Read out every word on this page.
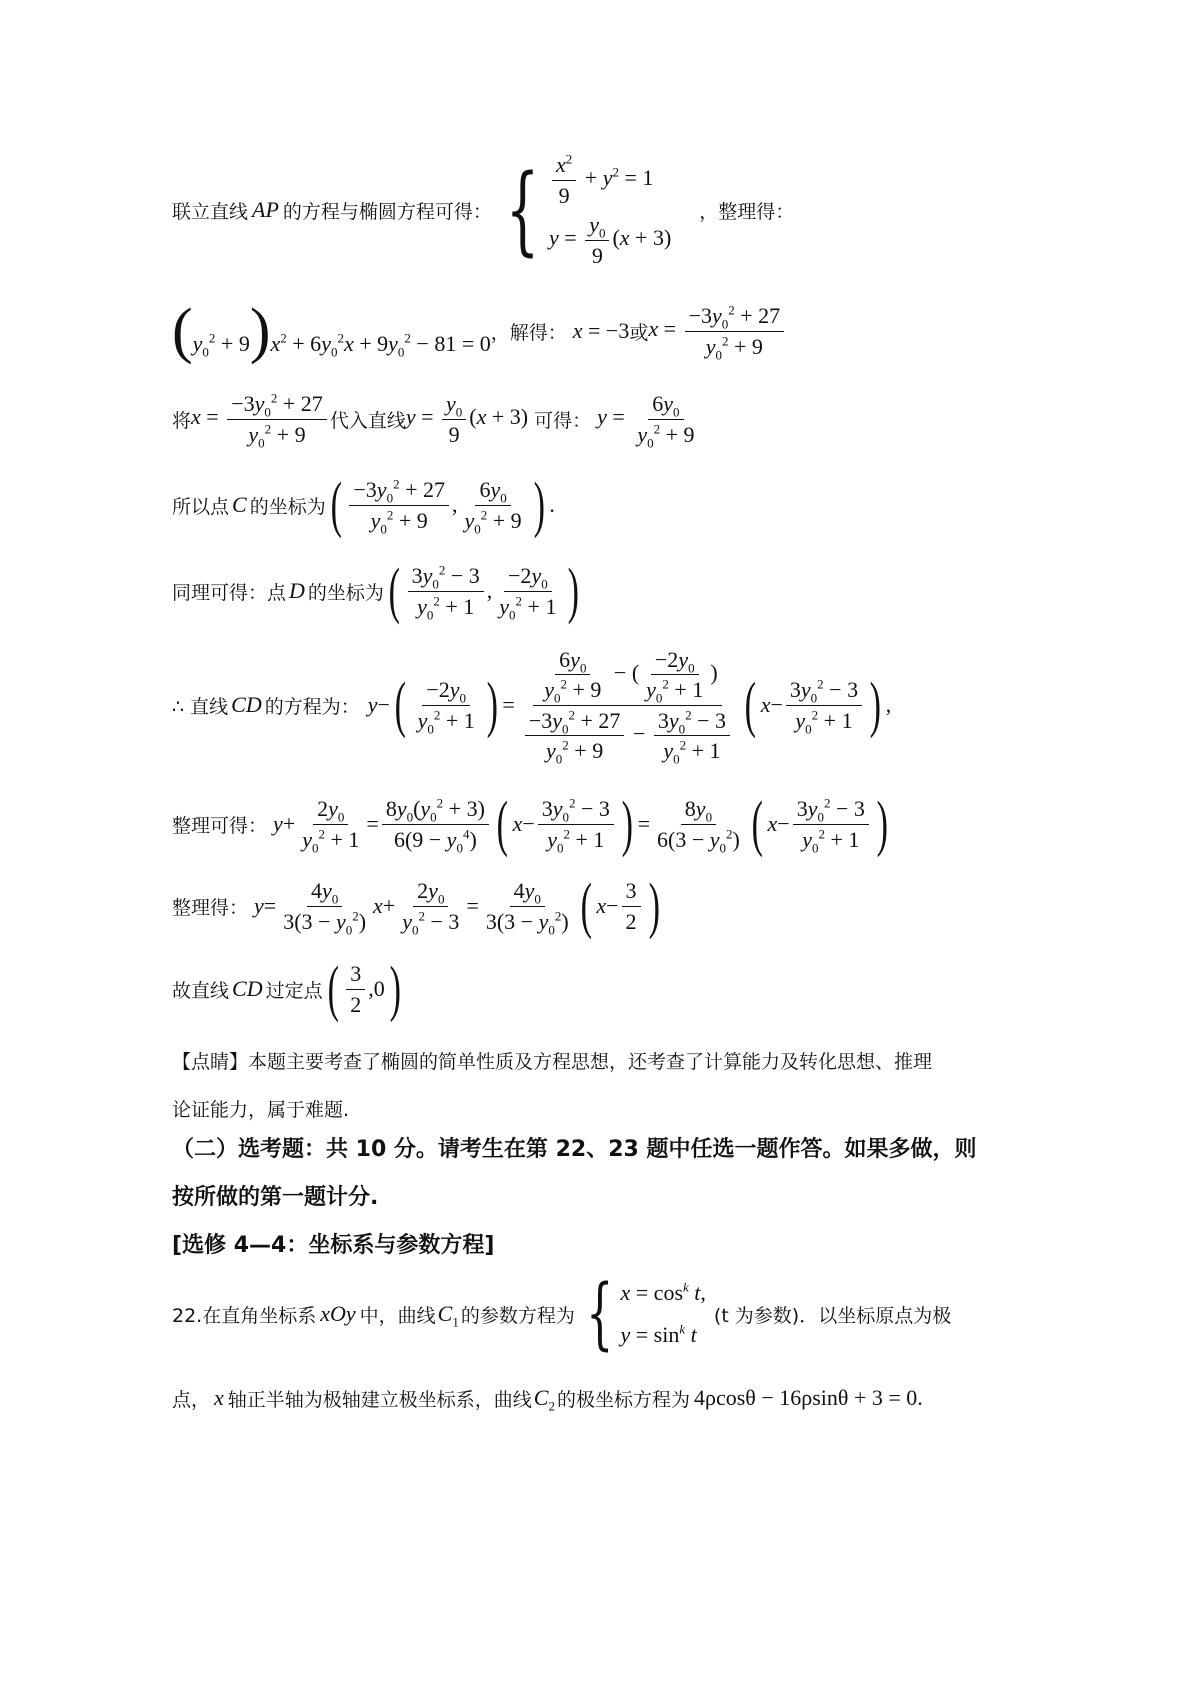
联立直线 AP 的方程与椭圆方程可得： { $\frac{x^2}{9} + y^2 = 1$
$y = \frac{y_0}{9} (x + 3)$
，整理得：
$(y_0^2 + 9)x^2 + 6y_0^2x + 9y_0^2 - 81 = 0$ ，解得： x = −3 或 $x = \frac{-3y_0^2 + 27}{y_0^2 + 9}$
将 $x = \frac{-3y_0^2 + 27}{y_0^2 + 9}$ 代入直线 $y = \frac{y_0}{9} (x + 3)$ 可得： $y = \frac{6y_0}{y_0^2 + 9}$
所以点 C 的坐标为 ( $\frac{-3y_0^2 + 27}{y_0^2 + 9}$ , $\frac{6y_0}{y_0^2 + 9}$ ) .
同理可得：点 D 的坐标为 ( $\frac{3y_0^2 - 3}{y_0^2 + 1}$ , $\frac{-2y_0}{y_0^2 + 1}$ )
∴ 直线 CD 的方程为： y − ( $\frac{-2y_0}{y_0^2 + 1}$ ) = $\frac{\frac{6y_0}{y_0^2 + 9} - ( \frac{-2y_0}{y_0^2 + 1} )}{\frac{-3y_0^2 + 27}{y_0^2 + 9} - \frac{3y_0^2 - 3}{y_0^2 + 1}}$ ( $x - \frac{3y_0^2 - 3}{y_0^2 + 1}$ ) ,
整理可得： $y + \frac{2y_0}{y_0^2 + 1} = \frac{8y_0(y_0^2 + 3)}{6(9 - y_0^4)}$ ( $x - \frac{3y_0^2 - 3}{y_0^2 + 1}$ ) = $\frac{8y_0}{6(3 - y_0^2)}$ ( $x - \frac{3y_0^2 - 3}{y_0^2 + 1}$ )
整理得： $y = \frac{4y_0}{3(3 - y_0^2)}$ $x + \frac{2y_0}{y_0^2 - 3} = \frac{4y_0}{3(3 - y_0^2)}$ ( $x - \frac{3}{2}$ )
故直线 CD 过定点 ( $\frac{3}{2} ,0$ )
【点睛】本题主要考查了椭圆的简单性质及方程思想，还考查了计算能力及转化思想、推理
论证能力，属于难题.
（二）选考题：共 10 分。请考生在第 22、23 题中任选一题作答。如果多做，则
按所做的第一题计分.
[选修 4—4：坐标系与参数方程]
22.在直角坐标系 xOy 中，曲线 $C_1$ 的参数方程为 { $x = \cos^k t$,
$y = \sin^k t$
(t 为参数)．以坐标原点为极
点， x 轴正半轴为极轴建立极坐标系，曲线 $C_2$ 的极坐标方程为 4ρcosθ − 16ρsinθ + 3 = 0 .
